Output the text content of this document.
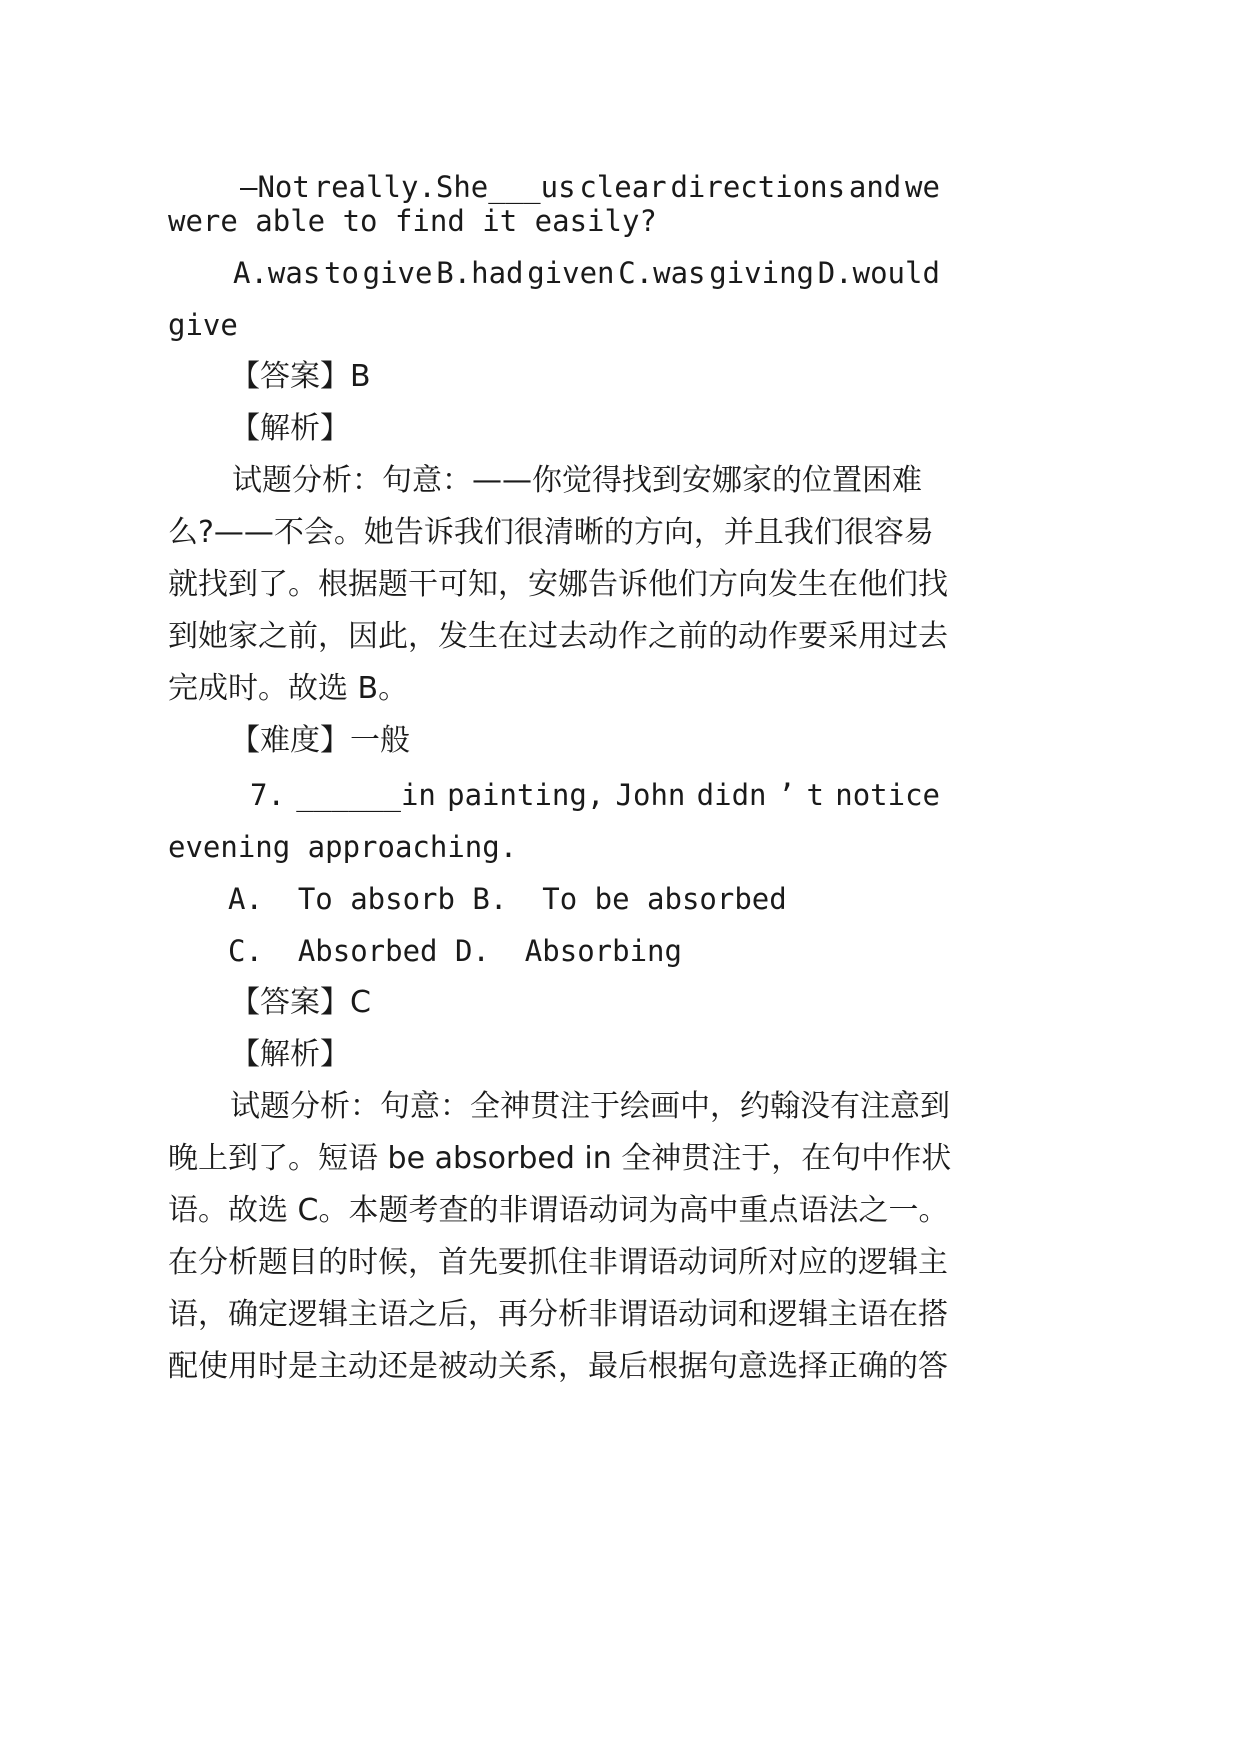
—Not really.She___us clear directions and we
were able to find it easily?
A.was to give B.had given C.was giving D.would
give
【答案】B
【解析】
试题分析：句意：——你觉得找到安娜家的位置困难
么?——不会。她告诉我们很清晰的方向，并且我们很容易
就找到了。根据题干可知，安娜告诉他们方向发生在他们找
到她家之前，因此，发生在过去动作之前的动作要采用过去
完成时。故选 B。
【难度】一般
7. ______in painting, John didn ’ t notice
evening approaching.
A.  To absorb B.  To be absorbed
C.  Absorbed D.  Absorbing
【答案】C
【解析】
试题分析：句意：全神贯注于绘画中，约翰没有注意到
晚上到了。短语 be absorbed in 全神贯注于，在句中作状
语。故选 C。本题考查的非谓语动词为高中重点语法之一。
在分析题目的时候，首先要抓住非谓语动词所对应的逻辑主
语，确定逻辑主语之后，再分析非谓语动词和逻辑主语在搭
配使用时是主动还是被动关系，最后根据句意选择正确的答
